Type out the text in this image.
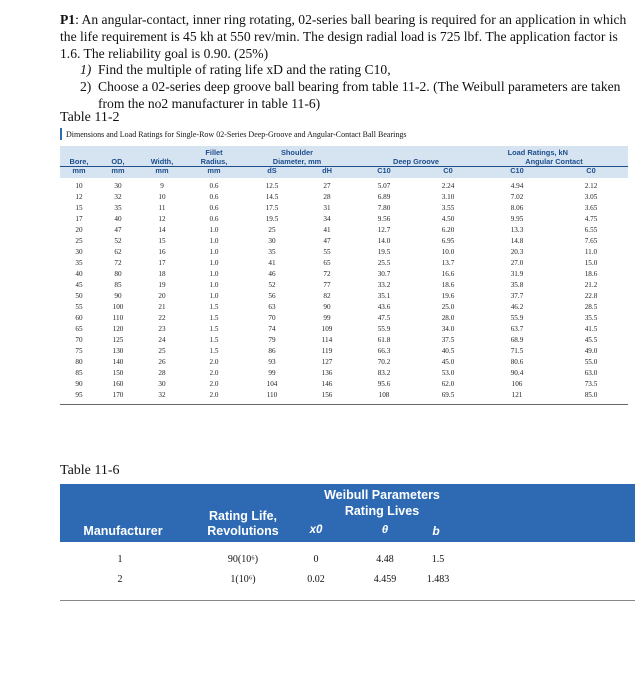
P1: An angular-contact, inner ring rotating, 02-series ball bearing is required for an application in which the life requirement is 45 kh at 550 rev/min. The design radial load is 725 lbf. The application factor is 1.6. The reliability goal is 0.90. (25%)

1) Find the multiple of rating life xD and the rating C10,
2) Choose a 02-series deep groove ball bearing from table 11-2. (The Weibull parameters are taken from the no2 manufacturer in table 11-6)
Table 11-2
Dimensions and Load Ratings for Single-Row 02-Series Deep-Groove and Angular-Contact Ball Bearings
			Fillet	Shoulder		Load Ratings, kN			
Bore,	OD,	Width,	Radius,	Diameter, mm		Deep Groove		Angular Contact	
mm	mm	mm	mm	dS	dH	C10	C0	C10	C0
10	30	9	0.6	12.5	27	5.07	2.24	4.94	2.12
12	32	10	0.6	14.5	28	6.89	3.10	7.02	3.05
15	35	11	0.6	17.5	31	7.80	3.55	8.06	3.65
17	40	12	0.6	19.5	34	9.56	4.50	9.95	4.75
20	47	14	1.0	25	41	12.7	6.20	13.3	6.55
25	52	15	1.0	30	47	14.0	6.95	14.8	7.65
30	62	16	1.0	35	55	19.5	10.0	20.3	11.0
35	72	17	1.0	41	65	25.5	13.7	27.0	15.0
40	80	18	1.0	46	72	30.7	16.6	31.9	18.6
45	85	19	1.0	52	77	33.2	18.6	35.8	21.2
50	90	20	1.0	56	82	35.1	19.6	37.7	22.8
55	100	21	1.5	63	90	43.6	25.0	46.2	28.5
60	110	22	1.5	70	99	47.5	28.0	55.9	35.5
65	120	23	1.5	74	109	55.9	34.0	63.7	41.5
70	125	24	1.5	79	114	61.8	37.5	68.9	45.5
75	130	25	1.5	86	119	66.3	40.5	71.5	49.0
80	140	26	2.0	93	127	70.2	45.0	80.6	55.0
85	150	28	2.0	99	136	83.2	53.0	90.4	63.0
90	160	30	2.0	104	146	95.6	62.0	106	73.5
95	170	32	2.0	110	156	108	69.5	121	85.0
Table 11-6
Manufacturer
Rating Life,
Revolutions
Weibull Parameters
Rating Lives
x0	θ	b
1	90(10⁶)	0	4.48	1.5
2	1(10⁶)	0.02	4.459	1.483
